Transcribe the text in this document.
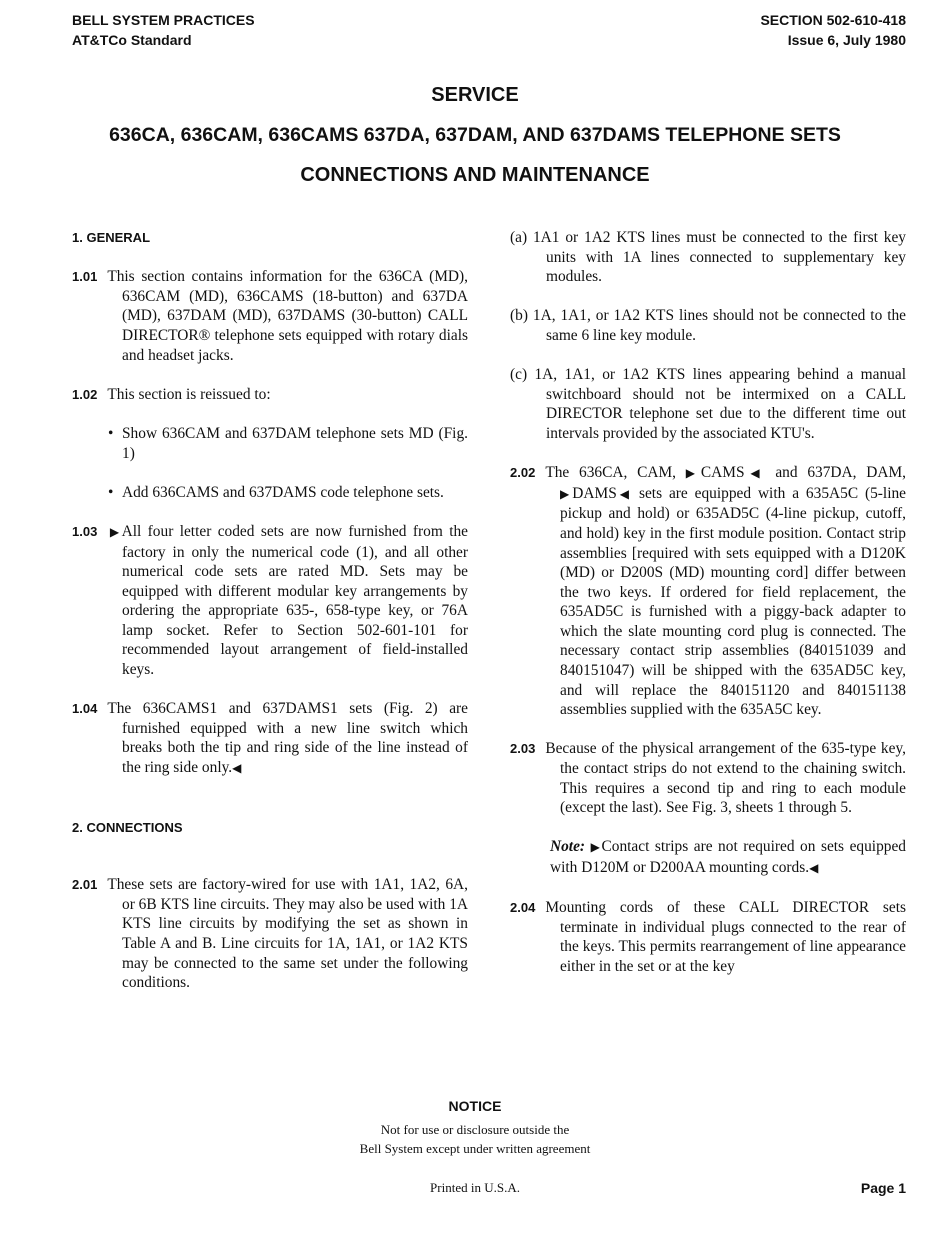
BELL SYSTEM PRACTICES
AT&TCo Standard
SECTION 502-610-418
Issue 6, July 1980
SERVICE
636CA, 636CAM, 636CAMS 637DA, 637DAM, AND 637DAMS TELEPHONE SETS
CONNECTIONS AND MAINTENANCE

1. GENERAL

1.01 This section contains information for the 636CA (MD), 636CAM (MD), 636CAMS (18-button) and 637DA (MD), 637DAM (MD), 637DAMS (30-button) CALL DIRECTOR® telephone sets equipped with rotary dials and headset jacks.

1.02 This section is reissued to:

• Show 636CAM and 637DAM telephone sets MD (Fig. 1)

• Add 636CAMS and 637DAMS code telephone sets.

1.03 ▶All four letter coded sets are now furnished from the factory in only the numerical code (1), and all other numerical code sets are rated MD. Sets may be equipped with different modular key arrangements by ordering the appropriate 635-, 658-type key, or 76A lamp socket. Refer to Section 502-601-101 for recommended layout arrangement of field-installed keys.

1.04 The 636CAMS1 and 637DAMS1 sets (Fig. 2) are furnished equipped with a new line switch which breaks both the tip and ring side of the line instead of the ring side only.◀

2. CONNECTIONS

2.01 These sets are factory-wired for use with 1A1, 1A2, 6A, or 6B KTS line circuits. They may also be used with 1A KTS line circuits by modifying the set as shown in Table A and B. Line circuits for 1A, 1A1, or 1A2 KTS may be connected to the same set under the following conditions.

(a) 1A1 or 1A2 KTS lines must be connected to the first key units with 1A lines connected to supplementary key modules.

(b) 1A, 1A1, or 1A2 KTS lines should not be connected to the same 6 line key module.

(c) 1A, 1A1, or 1A2 KTS lines appearing behind a manual switchboard should not be intermixed on a CALL DIRECTOR telephone set due to the different time out intervals provided by the associated KTU's.

2.02 The 636CA, CAM, ▶CAMS◀ and 637DA, DAM, ▶DAMS◀ sets are equipped with a 635A5C (5-line pickup and hold) or 635AD5C (4-line pickup, cutoff, and hold) key in the first module position. Contact strip assemblies [required with sets equipped with a D120K (MD) or D200S (MD) mounting cord] differ between the two keys. If ordered for field replacement, the 635AD5C is furnished with a piggy-back adapter to which the slate mounting cord plug is connected. The necessary contact strip assemblies (840151039 and 840151047) will be shipped with the 635AD5C key, and will replace the 840151120 and 840151138 assemblies supplied with the 635A5C key.

2.03 Because of the physical arrangement of the 635-type key, the contact strips do not extend to the chaining switch. This requires a second tip and ring to each module (except the last). See Fig. 3, sheets 1 through 5.

Note: ▶Contact strips are not required on sets equipped with D120M or D200AA mounting cords.◀

2.04 Mounting cords of these CALL DIRECTOR sets terminate in individual plugs connected to the rear of the keys. This permits rearrangement of line appearance either in the set or at the key

NOTICE
Not for use or disclosure outside the
Bell System except under written agreement
Printed in U.S.A.	Page 1
